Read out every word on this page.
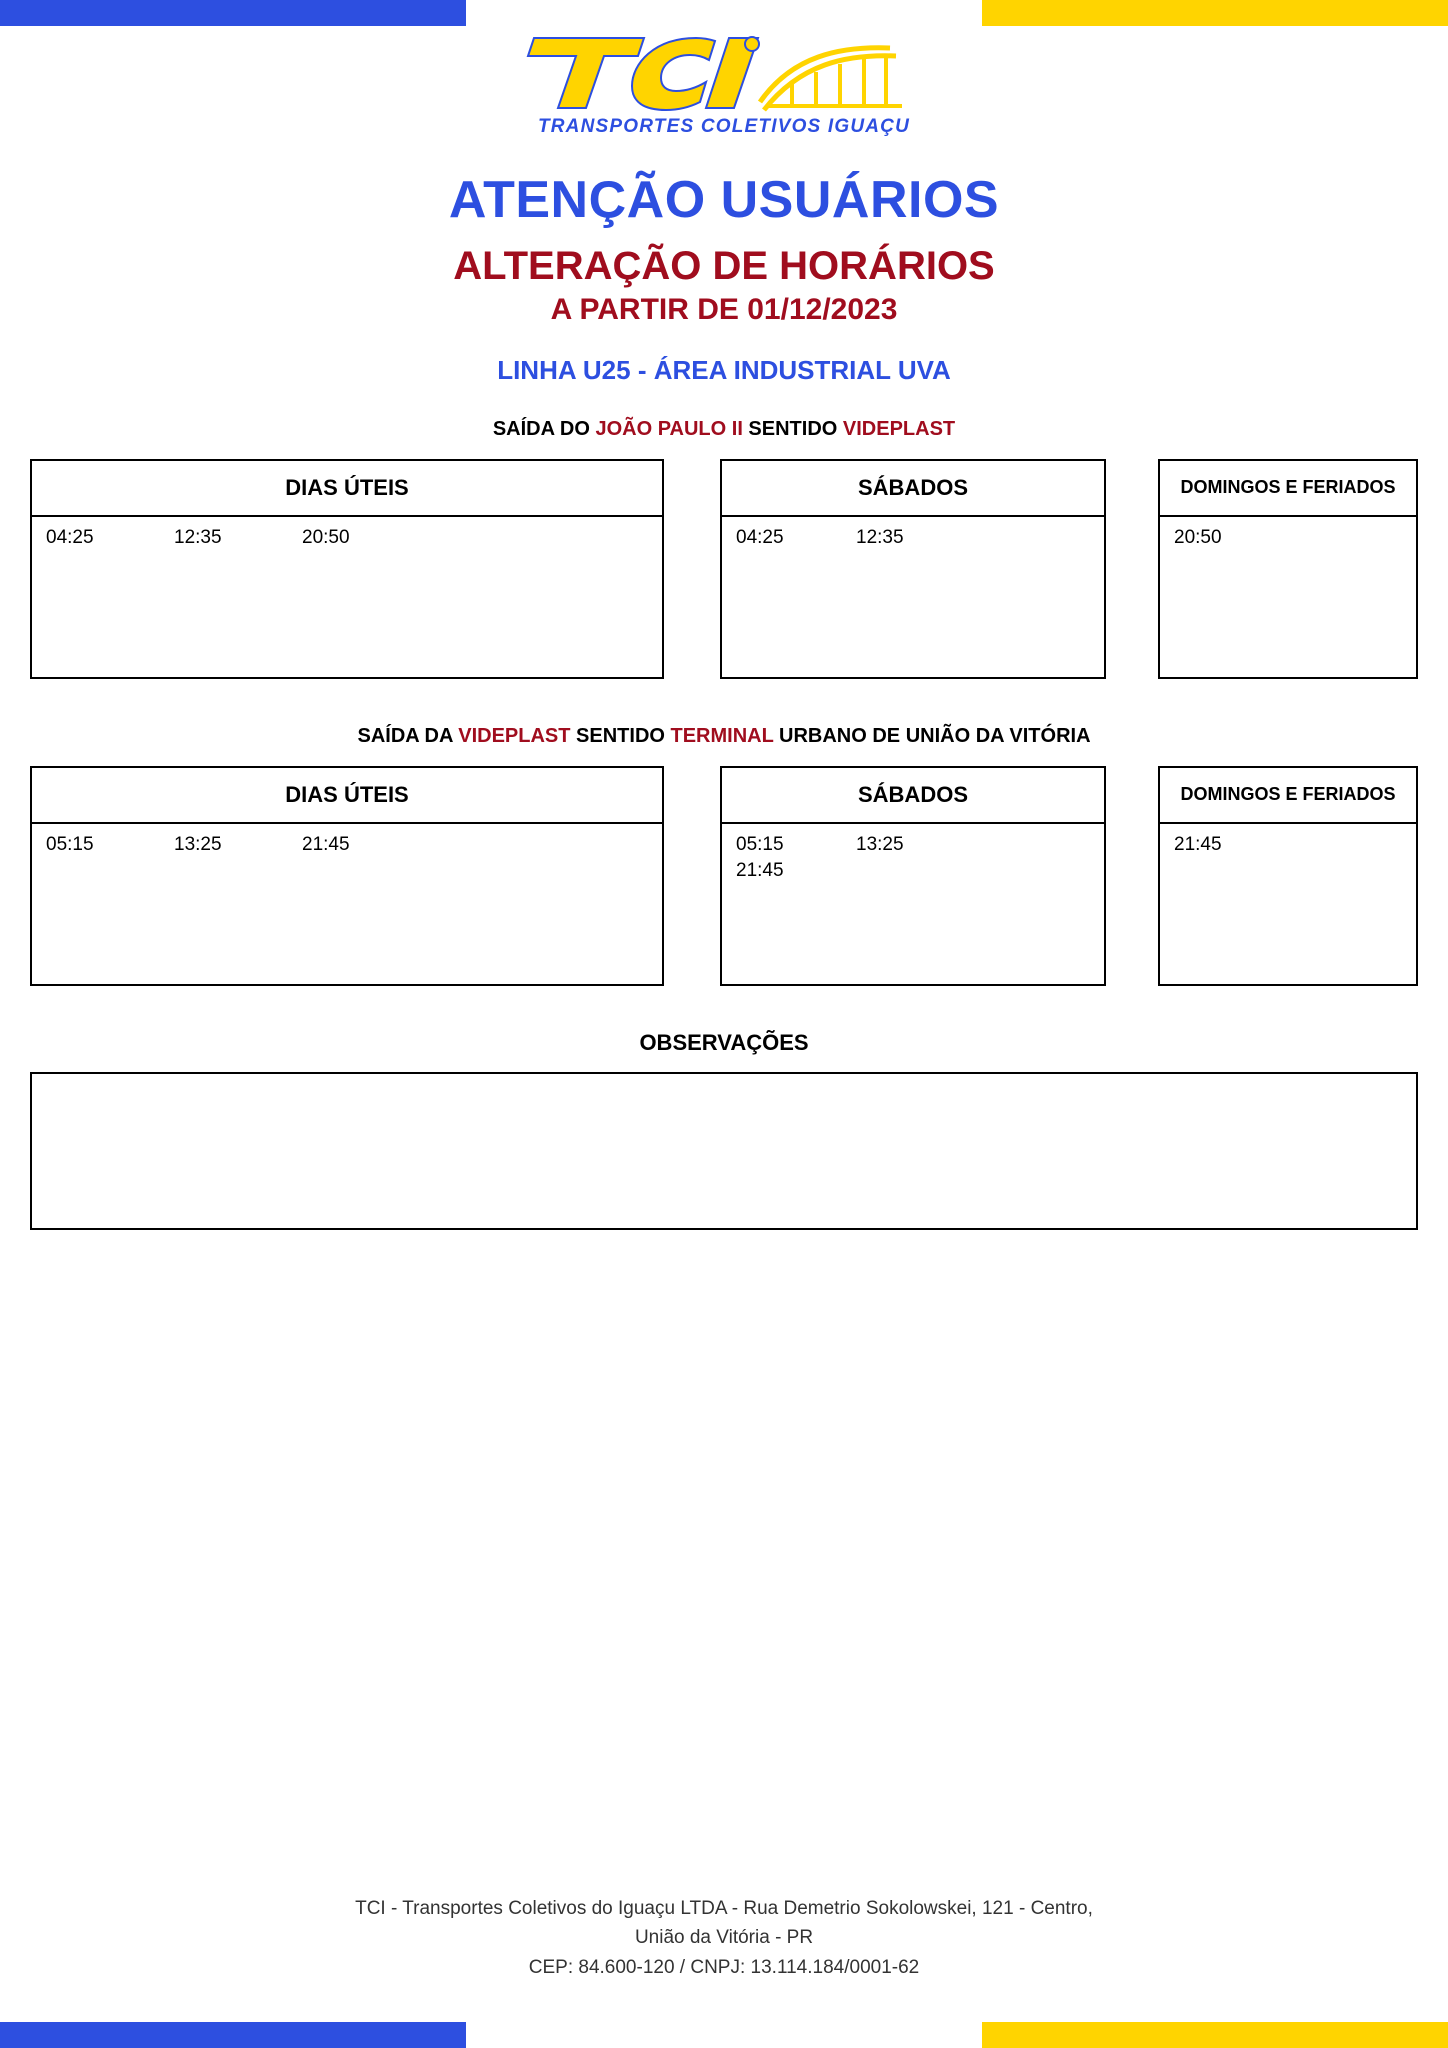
TRANSPORTES COLETIVOS IGUAÇU
ATENÇÃO USUÁRIOS
ALTERAÇÃO DE HORÁRIOS
A PARTIR DE 01/12/2023
LINHA U25 - ÁREA INDUSTRIAL UVA
SAÍDA DO JOÃO PAULO II SENTIDO VIDEPLAST
DIAS ÚTEIS
04:25	12:35	20:50
SÁBADOS
04:25	12:35
DOMINGOS E FERIADOS
20:50
SAÍDA DA VIDEPLAST SENTIDO TERMINAL URBANO DE UNIÃO DA VITÓRIA
DIAS ÚTEIS
05:15	13:25	21:45
SÁBADOS
05:15	13:25
21:45
DOMINGOS E FERIADOS
21:45
OBSERVAÇÕES
TCI - Transportes Coletivos do Iguaçu LTDA - Rua Demetrio Sokolowskei, 121 - Centro,
União da Vitória - PR
CEP: 84.600-120 / CNPJ: 13.114.184/0001-62
